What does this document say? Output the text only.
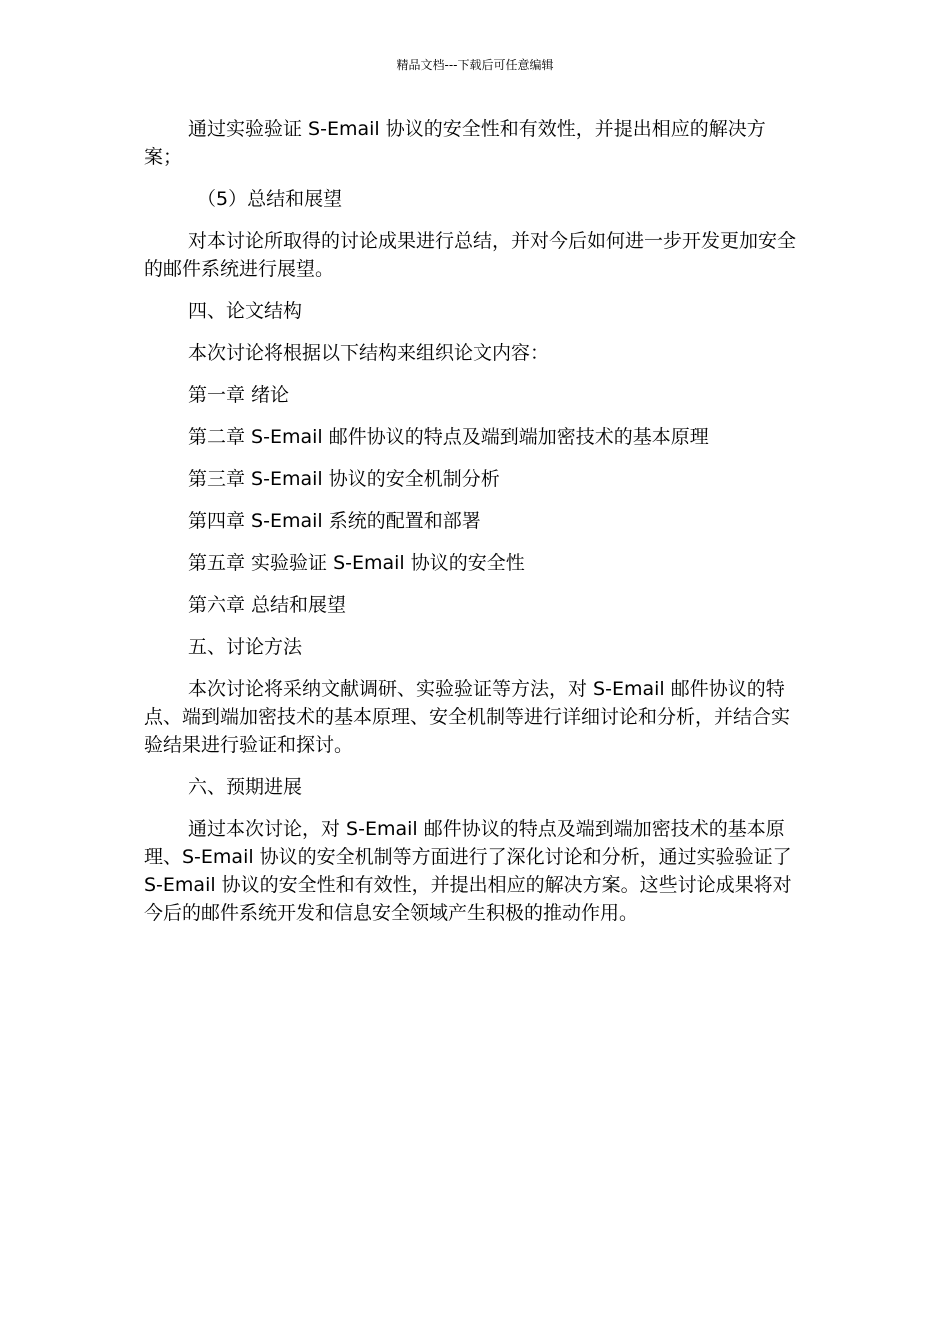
精品文档---下载后可任意编辑

通过实验验证 S-Email 协议的安全性和有效性，并提出相应的解决方案；

（5）总结和展望

对本讨论所取得的讨论成果进行总结，并对今后如何进一步开发更加安全的邮件系统进行展望。

四、论文结构

本次讨论将根据以下结构来组织论文内容：

第一章 绪论

第二章 S-Email 邮件协议的特点及端到端加密技术的基本原理

第三章 S-Email 协议的安全机制分析

第四章 S-Email 系统的配置和部署

第五章 实验验证 S-Email 协议的安全性

第六章 总结和展望

五、讨论方法

本次讨论将采纳文献调研、实验验证等方法，对 S-Email 邮件协议的特点、端到端加密技术的基本原理、安全机制等进行详细讨论和分析，并结合实验结果进行验证和探讨。

六、预期进展

通过本次讨论，对 S-Email 邮件协议的特点及端到端加密技术的基本原理、S-Email 协议的安全机制等方面进行了深化讨论和分析，通过实验验证了 S-Email 协议的安全性和有效性，并提出相应的解决方案。这些讨论成果将对今后的邮件系统开发和信息安全领域产生积极的推动作用。
